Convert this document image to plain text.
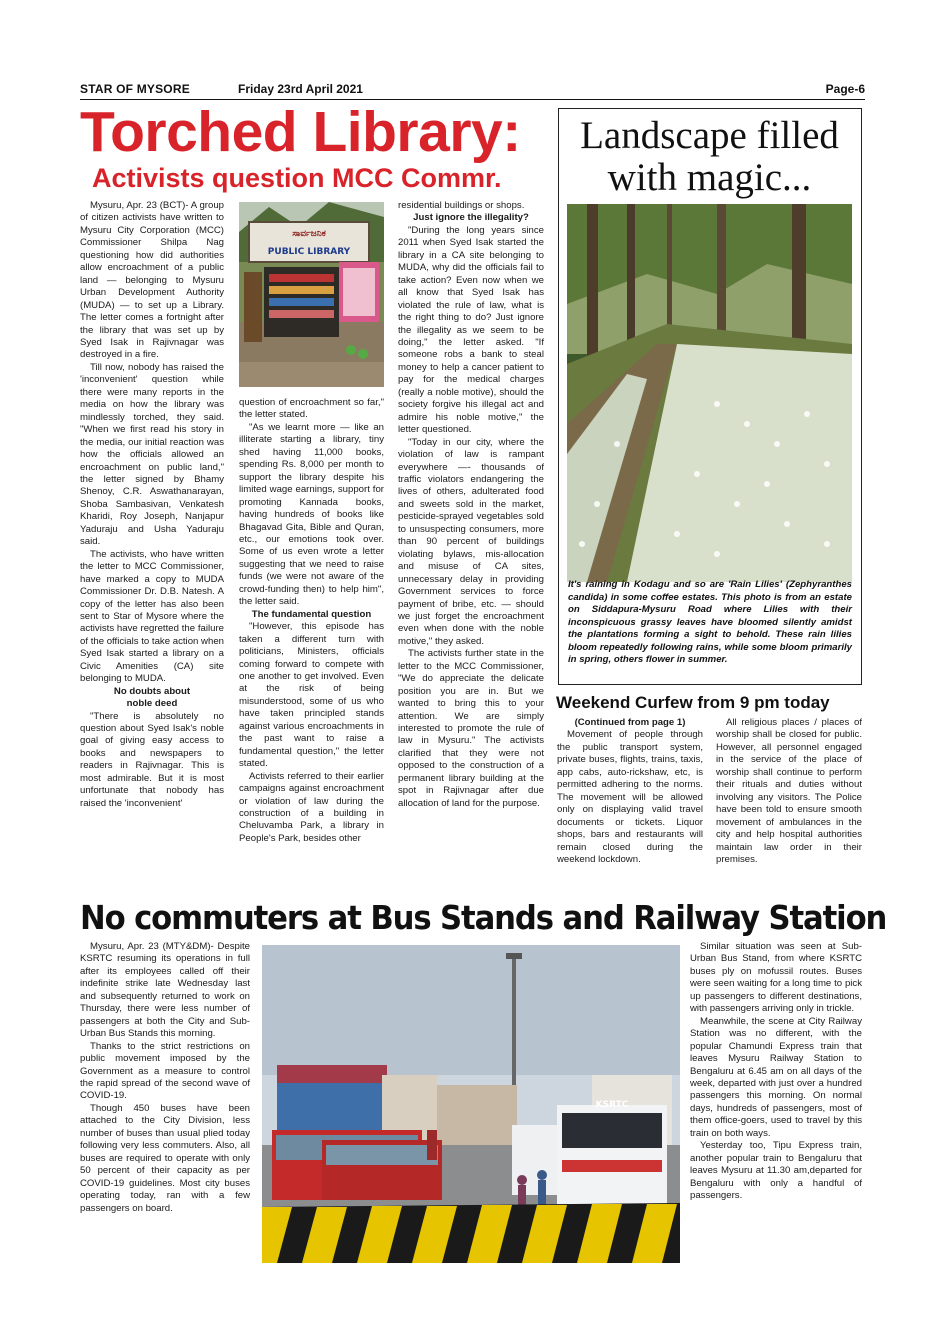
STAR OF MYSORE	Friday 23rd April 2021	Page-6
Torched Library:
Activists question MCC Commr.

Mysuru, Apr. 23 (BCT)- A group of citizen activists have written to Mysuru City Corporation (MCC) Commissioner Shilpa Nag questioning how did authorities allow encroachment of a public land — belonging to Mysuru Urban Development Authority (MUDA) — to set up a Library. The letter comes a fortnight after the library that was set up by Syed Isak in Rajivnagar was destroyed in a fire.

Till now, nobody has raised the 'inconvenient' question while there were many reports in the media on how the library was mindlessly torched, they said. "When we first read his story in the media, our initial reaction was how the officials allowed an encroachment on public land," the letter signed by Bhamy Shenoy, C.R. Aswathanarayan, Shoba Sambasivan, Venkatesh Kharidi, Roy Joseph, Nanjapur Yaduraju and Usha Yaduraju said.

The activists, who have written the letter to MCC Commissioner, have marked a copy to MUDA Commissioner Dr. D.B. Natesh. A copy of the letter has also been sent to Star of Mysore where the activists have regretted the failure of the officials to take action when Syed Isak started a library on a Civic Amenities (CA) site belonging to MUDA.

No doubts about
noble deed

"There is absolutely no question about Syed Isak's noble goal of giving easy access to books and newspapers to readers in Rajivnagar. This is most admirable. But it is most unfortunate that nobody has raised the 'inconvenient'

ಸಾರ್ವಜನಿಕ
PUBLIC LIBRARY

question of encroachment so far," the letter stated.

"As we learnt more — like an illiterate starting a library, tiny shed having 11,000 books, spending Rs. 8,000 per month to support the library despite his limited wage earnings, support for promoting Kannada books, having hundreds of books like Bhagavad Gita, Bible and Quran, etc., our emotions took over. Some of us even wrote a letter suggesting that we need to raise funds (we were not aware of the crowd-funding then) to help him", the letter said.

The fundamental question

"However, this episode has taken a different turn with politicians, Ministers, officials coming forward to compete with one another to get involved. Even at the risk of being misunderstood, some of us who have taken principled stands against various encroachments in the past want to raise a fundamental question," the letter stated.

Activists referred to their earlier campaigns against encroachment or violation of law during the construction of a building in Cheluvamba Park, a library in People's Park, besides other

residential buildings or shops.

Just ignore the illegality?

"During the long years since 2011 when Syed Isak started the library in a CA site belonging to MUDA, why did the officials fail to take action? Even now when we all know that Syed Isak has violated the rule of law, what is the right thing to do? Just ignore the illegality as we seem to be doing," the letter asked. "If someone robs a bank to steal money to help a cancer patient to pay for the medical charges (really a noble motive), should the society forgive his illegal act and admire his noble motive," the letter questioned.

"Today in our city, where the violation of law is rampant everywhere —- thousands of traffic violators endangering the lives of others, adulterated food and sweets sold in the market, pesticide-sprayed vegetables sold to unsuspecting consumers, more than 90 percent of buildings violating bylaws, mis-allocation and misuse of CA sites, unnecessary delay in providing Government services to force payment of bribe, etc. — should we just forget the encroachment even when done with the noble motive," they asked.

The activists further state in the letter to the MCC Commissioner, "We do appreciate the delicate position you are in. But we wanted to bring this to your attention. We are simply interested to promote the rule of law in Mysuru." The activists clarified that they were not opposed to the construction of a permanent library building at the spot in Rajivnagar after due allocation of land for the purpose.

Landscape filled
with magic...
It's raining in Kodagu and so are 'Rain Lilies' (Zephyranthes candida) in some coffee estates. This photo is from an estate on Siddapura-Mysuru Road where Lilies with their inconspicuous grassy leaves have bloomed silently amidst the plantations forming a sight to behold. These rain lilies bloom repeatedly following rains, while some bloom primarily in spring, others flower in summer.
Weekend Curfew from 9 pm today
(Continued from page 1)

Movement of people through the public transport system, private buses, flights, trains, taxis, app cabs, auto-rickshaw, etc, is permitted adhering to the norms. The movement will be allowed only on displaying valid travel documents or tickets. Liquor shops, bars and restaurants will remain closed during the weekend lockdown.

All religious places / places of worship shall be closed for public. However, all personnel engaged in the service of the place of worship shall continue to perform their rituals and duties without involving any visitors. The Police have been told to ensure smooth movement of ambulances in the city and help hospital authorities maintain law order in their premises.

No commuters at Bus Stands and Railway Station

Mysuru, Apr. 23 (MTY&DM)- Despite KSRTC resuming its operations in full after its employees called off their indefinite strike late Wednesday last and subsequently returned to work on Thursday, there were less number of passengers at both the City and Sub-Urban Bus Stands this morning.

Thanks to the strict restrictions on public movement imposed by the Government as a measure to control the rapid spread of the second wave of COVID-19.

Though 450 buses have been attached to the City Division, less number of buses than usual plied today following very less commuters. Also, all buses are required to operate with only 50 percent of their capacity as per COVID-19 guidelines. Most city buses operating today, ran with a few passengers on board.

KSRTC

Similar situation was seen at Sub-Urban Bus Stand, from where KSRTC buses ply on mofussil routes. Buses were seen waiting for a long time to pick up passengers to different destinations, with passengers arriving only in trickle.

Meanwhile, the scene at City Railway Station was no different, with the popular Chamundi Express train that leaves Mysuru Railway Station to Bengaluru at 6.45 am on all days of the week, departed with just over a hundred passengers this morning. On normal days, hundreds of passengers, most of them office-goers, used to travel by this train on both ways.

Yesterday too, Tipu Express train, another popular train to Bengaluru that leaves Mysuru at 11.30 am,departed for Bengaluru with only a handful of passengers.
